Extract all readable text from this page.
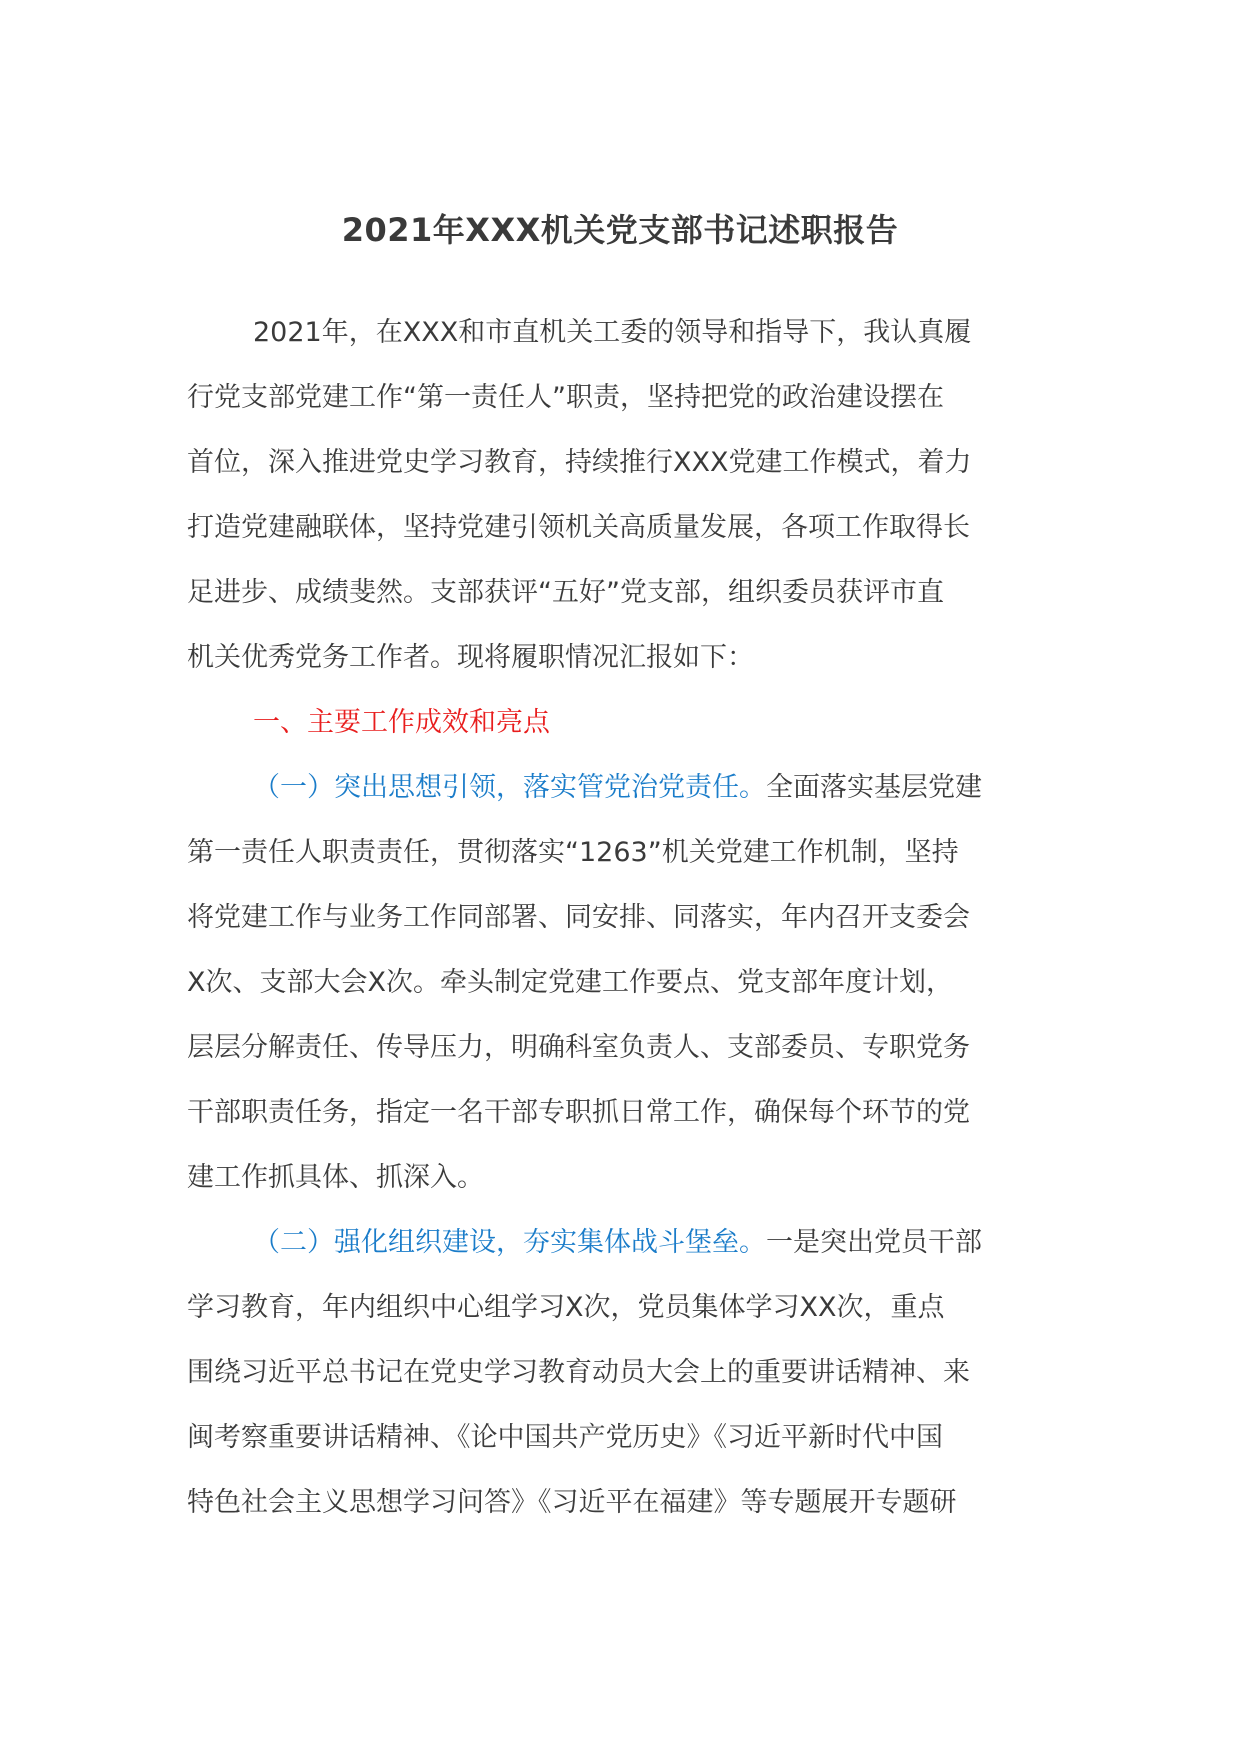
2021年XXX机关党支部书记述职报告
2021年，在XXX和市直机关工委的领导和指导下，我认真履
行党支部党建工作“第一责任人”职责，坚持把党的政治建设摆在
首位，深入推进党史学习教育，持续推行XXX党建工作模式，着力
打造党建融联体，坚持党建引领机关高质量发展，各项工作取得长
足进步、成绩斐然。支部获评“五好”党支部，组织委员获评市直
机关优秀党务工作者。现将履职情况汇报如下：
一、主要工作成效和亮点
（一）突出思想引领，落实管党治党责任。全面落实基层党建
第一责任人职责责任，贯彻落实“1263”机关党建工作机制，坚持
将党建工作与业务工作同部署、同安排、同落实，年内召开支委会
X次、支部大会X次。牵头制定党建工作要点、党支部年度计划，
层层分解责任、传导压力，明确科室负责人、支部委员、专职党务
干部职责任务，指定一名干部专职抓日常工作，确保每个环节的党
建工作抓具体、抓深入。
（二）强化组织建设，夯实集体战斗堡垒。一是突出党员干部
学习教育，年内组织中心组学习X次，党员集体学习XX次，重点
围绕习近平总书记在党史学习教育动员大会上的重要讲话精神、来
闽考察重要讲话精神、《论中国共产党历史》《习近平新时代中国
特色社会主义思想学习问答》《习近平在福建》等专题展开专题研
